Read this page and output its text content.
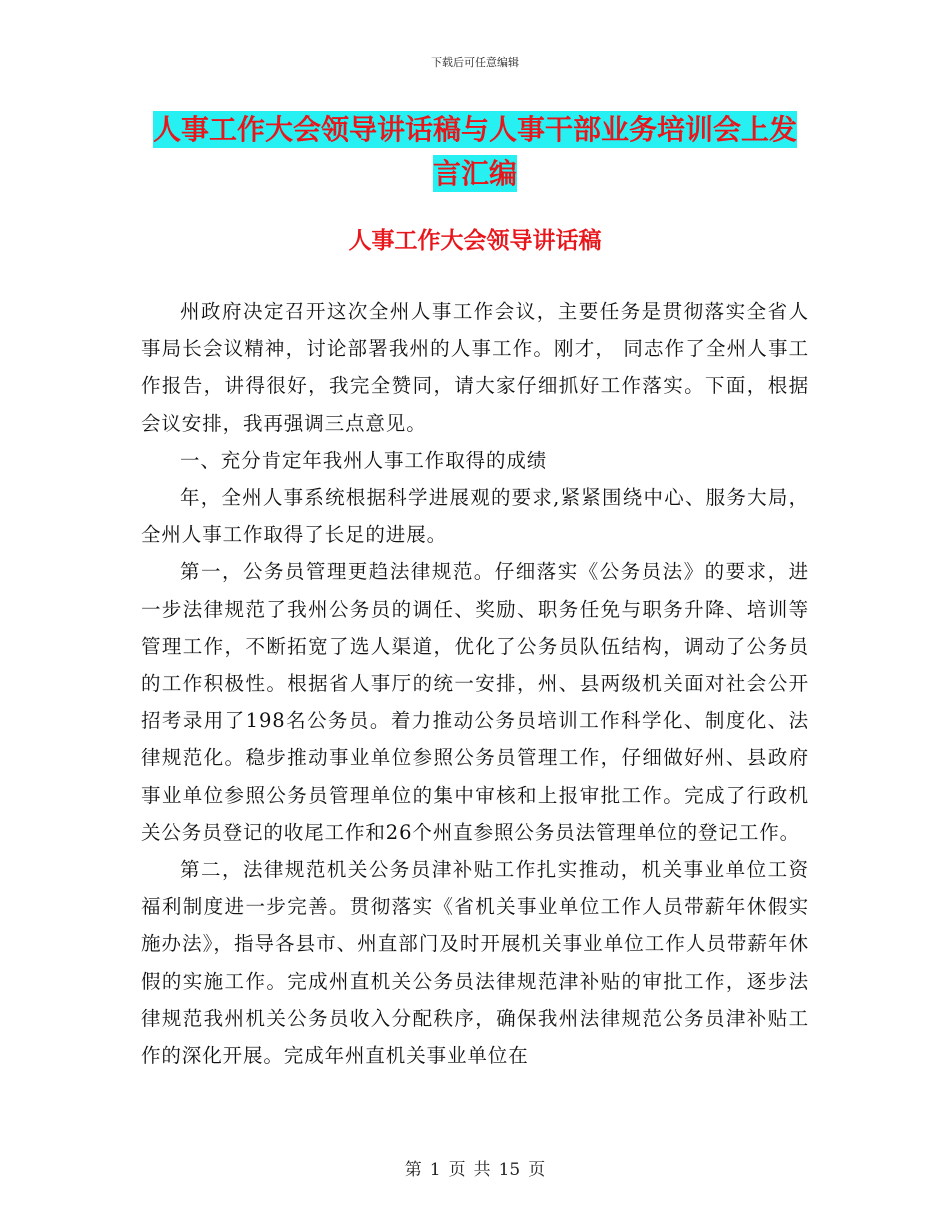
下载后可任意编辑
人事工作大会领导讲话稿与人事干部业务培训会上发言汇编
人事工作大会领导讲话稿

州政府决定召开这次全州人事工作会议，主要任务是贯彻落实全省人事局长会议精神，讨论部署我州的人事工作。刚才， 同志作了全州人事工作报告，讲得很好，我完全赞同，请大家仔细抓好工作落实。下面，根据会议安排，我再强调三点意见。

一、充分肯定年我州人事工作取得的成绩

年，全州人事系统根据科学进展观的要求,紧紧围绕中心、服务大局，全州人事工作取得了长足的进展。

第一，公务员管理更趋法律规范。仔细落实《公务员法》的要求，进一步法律规范了我州公务员的调任、奖励、职务任免与职务升降、培训等管理工作，不断拓宽了选人渠道，优化了公务员队伍结构，调动了公务员的工作积极性。根据省人事厅的统一安排，州、县两级机关面对社会公开招考录用了198名公务员。着力推动公务员培训工作科学化、制度化、法律规范化。稳步推动事业单位参照公务员管理工作，仔细做好州、县政府事业单位参照公务员管理单位的集中审核和上报审批工作。完成了行政机关公务员登记的收尾工作和26个州直参照公务员法管理单位的登记工作。

第二，法律规范机关公务员津补贴工作扎实推动，机关事业单位工资福利制度进一步完善。贯彻落实《省机关事业单位工作人员带薪年休假实施办法》，指导各县市、州直部门及时开展机关事业单位工作人员带薪年休假的实施工作。完成州直机关公务员法律规范津补贴的审批工作，逐步法律规范我州机关公务员收入分配秩序，确保我州法律规范公务员津补贴工作的深化开展。完成年州直机关事业单位在

第 1 页 共 15 页
